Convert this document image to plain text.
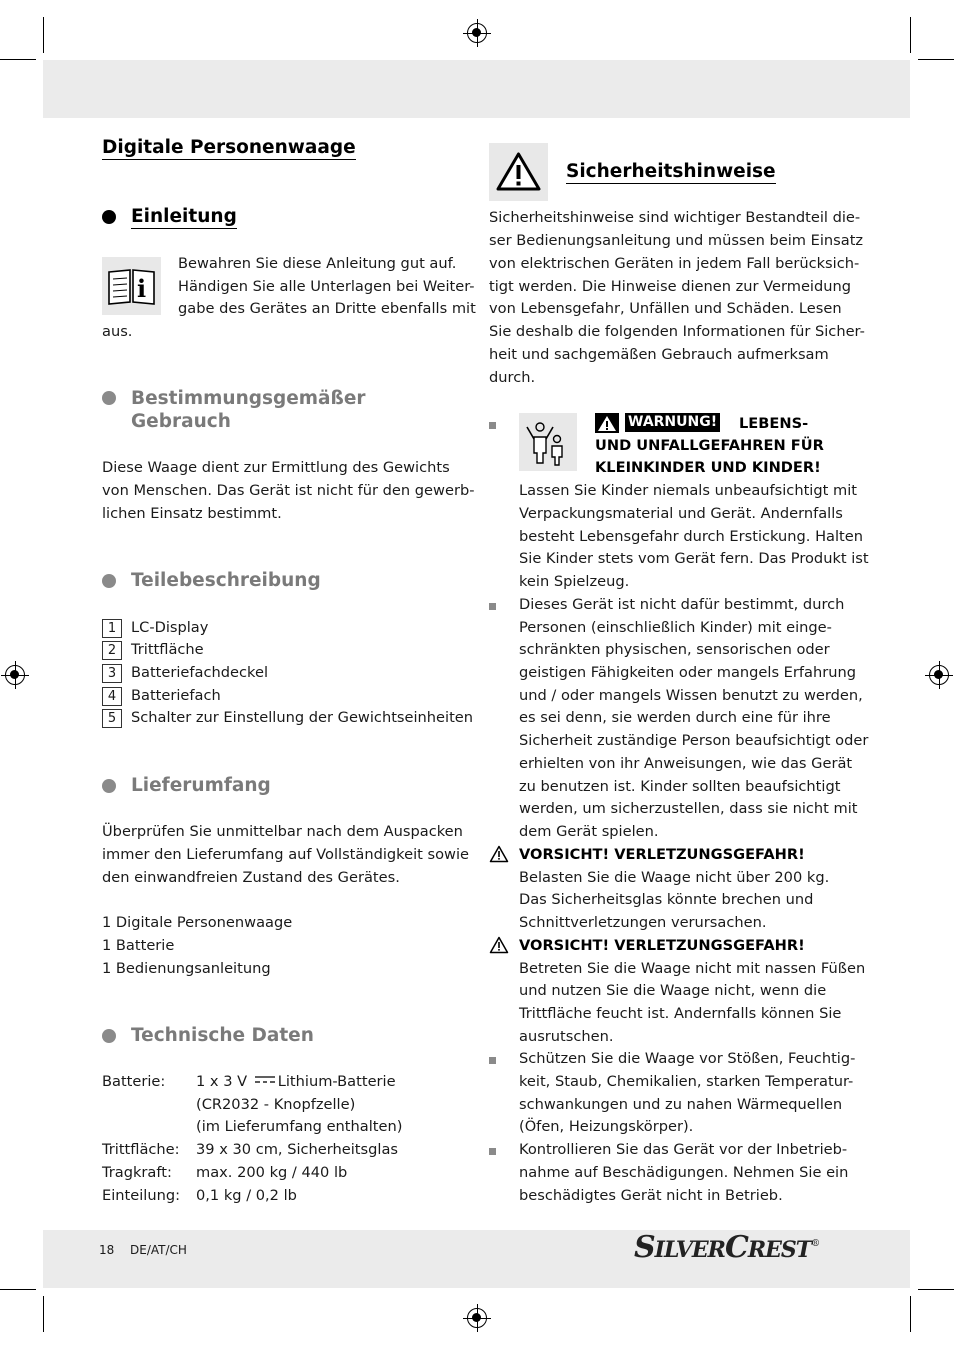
Digitale Personenwaage
Einleitung
i
Bewahren Sie diese Anleitung gut auf.
Händigen Sie alle Unterlagen bei Weiter-
gabe des Gerätes an Dritte ebenfalls mit
aus.
Bestimmungsgemäßer
Gebrauch
Diese Waage dient zur Ermittlung des Gewichts
von Menschen. Das Gerät ist nicht für den gewerb-
lichen Einsatz bestimmt.
Teilebeschreibung
1	LC-Display
2	Trittfläche
3	Batteriefachdeckel
4	Batteriefach
5	Schalter zur Einstellung der Gewichtseinheiten
Lieferumfang
Überprüfen Sie unmittelbar nach dem Auspacken
immer den Lieferumfang auf Vollständigkeit sowie
den einwandfreien Zustand des Gerätes.
1 Digitale Personenwaage
1 Batterie
1 Bedienungsanleitung
Technische Daten
Batterie: 1 x 3 V Lithium-Batterie
(CR2032 - Knopfzelle)
(im Lieferumfang enthalten)
Trittfläche: 39 x 30 cm, Sicherheitsglas
Tragkraft: max. 200 kg / 440 lb
Einteilung: 0,1 kg / 0,2 lb
Sicherheitshinweise
Sicherheitshinweise sind wichtiger Bestandteil die-
ser Bedienungsanleitung und müssen beim Einsatz
von elektrischen Geräten in jedem Fall berücksich-
tigt werden. Die Hinweise dienen zur Vermeidung
von Lebensgefahr, Unfällen und Schäden. Lesen
Sie deshalb die folgenden Informationen für Sicher-
heit und sachgemäßen Gebrauch aufmerksam
durch.
WARNUNG! LEBENS-
UND UNFALLGEFAHREN FÜR
KLEINKINDER UND KINDER!
Lassen Sie Kinder niemals unbeaufsichtigt mit
Verpackungsmaterial und Gerät. Andernfalls
besteht Lebensgefahr durch Erstickung. Halten
Sie Kinder stets vom Gerät fern. Das Produkt ist
kein Spielzeug.
Dieses Gerät ist nicht dafür bestimmt, durch
Personen (einschließlich Kinder) mit einge-
schränkten physischen, sensorischen oder
geistigen Fähigkeiten oder mangels Erfahrung
und / oder mangels Wissen benutzt zu werden,
es sei denn, sie werden durch eine für ihre
Sicherheit zuständige Person beaufsichtigt oder
erhielten von ihr Anweisungen, wie das Gerät
zu benutzen ist. Kinder sollten beaufsichtigt
werden, um sicherzustellen, dass sie nicht mit
dem Gerät spielen.
VORSICHT! VERLETZUNGSGEFAHR!
Belasten Sie die Waage nicht über 200 kg.
Das Sicherheitsglas könnte brechen und
Schnittverletzungen verursachen.
VORSICHT! VERLETZUNGSGEFAHR!
Betreten Sie die Waage nicht mit nassen Füßen
und nutzen Sie die Waage nicht, wenn die
Trittfläche feucht ist. Andernfalls können Sie
ausrutschen.
Schützen Sie die Waage vor Stößen, Feuchtig-
keit, Staub, Chemikalien, starken Temperatur-
schwankungen und zu nahen Wärmequellen
(Öfen, Heizungskörper).
Kontrollieren Sie das Gerät vor der Inbetrieb-
nahme auf Beschädigungen. Nehmen Sie ein
beschädigtes Gerät nicht in Betrieb.
18 DE/AT/CH	SILVERCREST®
